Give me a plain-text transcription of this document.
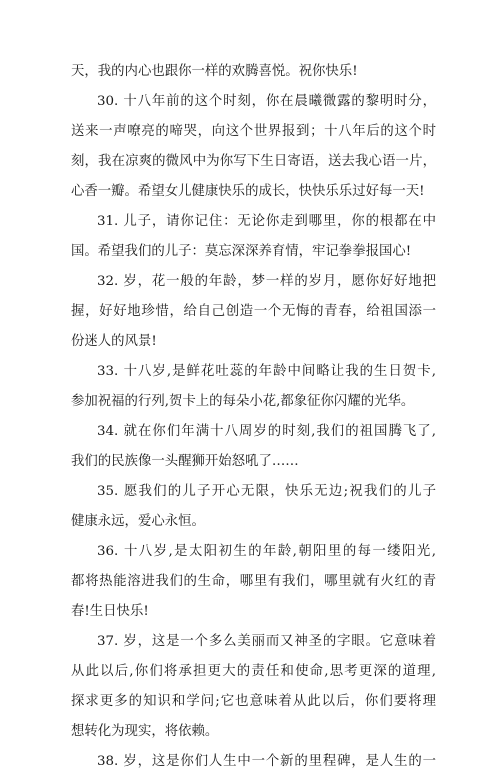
天，我的内心也跟你一样的欢腾喜悦。祝你快乐!
30. 十八年前的这个时刻，你在晨曦微露的黎明时分，
送来一声嘹亮的啼哭，向这个世界报到；十八年后的这个时
刻，我在凉爽的微风中为你写下生日寄语，送去我心语一片，
心香一瓣。希望女儿健康快乐的成长，快快乐乐过好每一天!
31. 儿子，请你记住：无论你走到哪里，你的根都在中
国。希望我们的儿子：莫忘深深养育情，牢记拳拳报国心!
32. 岁，花一般的年龄，梦一样的岁月，愿你好好地把
握，好好地珍惜，给自己创造一个无悔的青春，给祖国添一
份迷人的风景!
33. 十八岁,是鲜花吐蕊的年龄中间略让我的生日贺卡,
参加祝福的行列,贺卡上的每朵小花,都象征你闪耀的光华。
34. 就在你们年满十八周岁的时刻,我们的祖国腾飞了,
我们的民族像一头醒狮开始怒吼了……
35. 愿我们的儿子开心无限，快乐无边;祝我们的儿子
健康永远，爱心永恒。
36. 十八岁,是太阳初生的年龄,朝阳里的每一缕阳光,
都将热能溶进我们的生命，哪里有我们，哪里就有火红的青
春!生日快乐!
37. 岁，这是一个多么美丽而又神圣的字眼。它意味着
从此以后,你们将承担更大的责任和使命,思考更深的道理,
探求更多的知识和学问;它也意味着从此以后，你们要将理
想转化为现实，将依赖。
38. 岁，这是你们人生中一个新的里程碑，是人生的一
